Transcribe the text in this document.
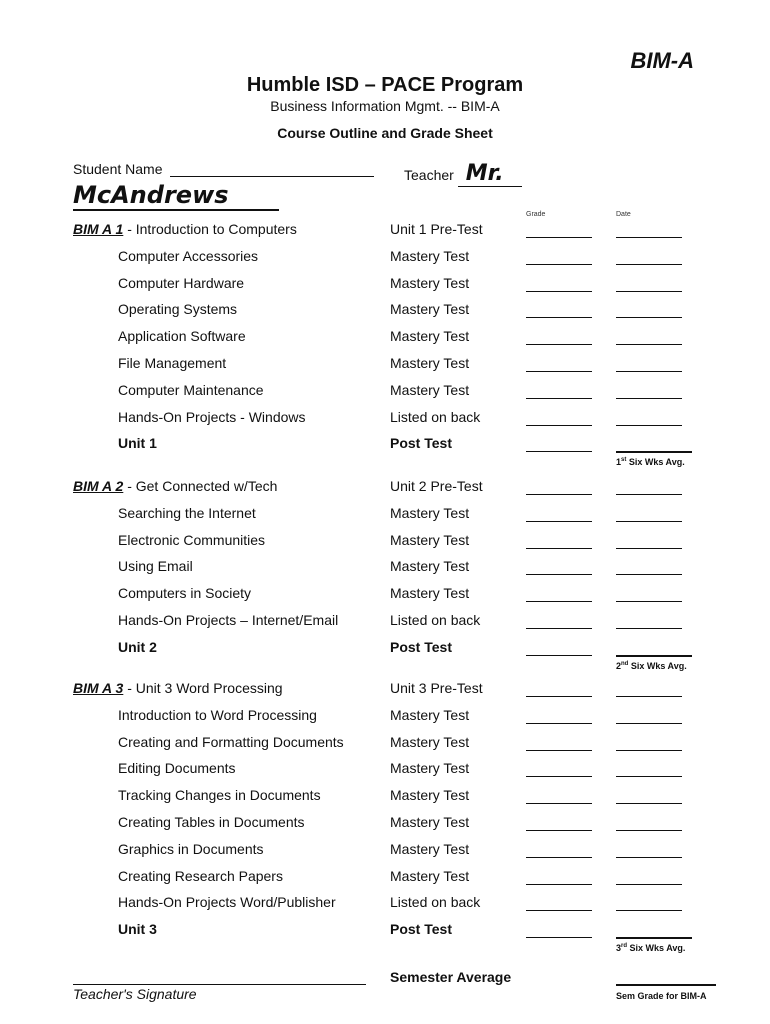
BIM-A
Humble ISD – PACE Program
Business Information Mgmt. -- BIM-A
Course Outline and Grade Sheet
Student Name	Teacher Mr.
McAndrews
Grade	Date
BIM A 1 - Introduction to Computers	Unit 1 Pre-Test
Computer Accessories	Mastery Test
Computer Hardware	Mastery Test
Operating Systems	Mastery Test
Application Software	Mastery Test
File Management	Mastery Test
Computer Maintenance	Mastery Test
Hands-On Projects - Windows	Listed on back
Unit 1	Post Test
1st Six Wks Avg.
BIM A 2 - Get Connected w/Tech	Unit 2 Pre-Test
Searching the Internet	Mastery Test
Electronic Communities	Mastery Test
Using Email	Mastery Test
Computers in Society	Mastery Test
Hands-On Projects – Internet/Email	Listed on back
Unit 2	Post Test
2nd Six Wks Avg.
BIM A 3 - Unit 3 Word Processing	Unit 3 Pre-Test
Introduction to Word Processing	Mastery Test
Creating and Formatting Documents	Mastery Test
Editing Documents	Mastery Test
Tracking Changes in Documents	Mastery Test
Creating Tables in Documents	Mastery Test
Graphics in Documents	Mastery Test
Creating Research Papers	Mastery Test
Hands-On Projects Word/Publisher	Listed on back
Unit 3	Post Test
3rd Six Wks Avg.
Teacher's Signature
Semester Average
Sem Grade for BIM-A
